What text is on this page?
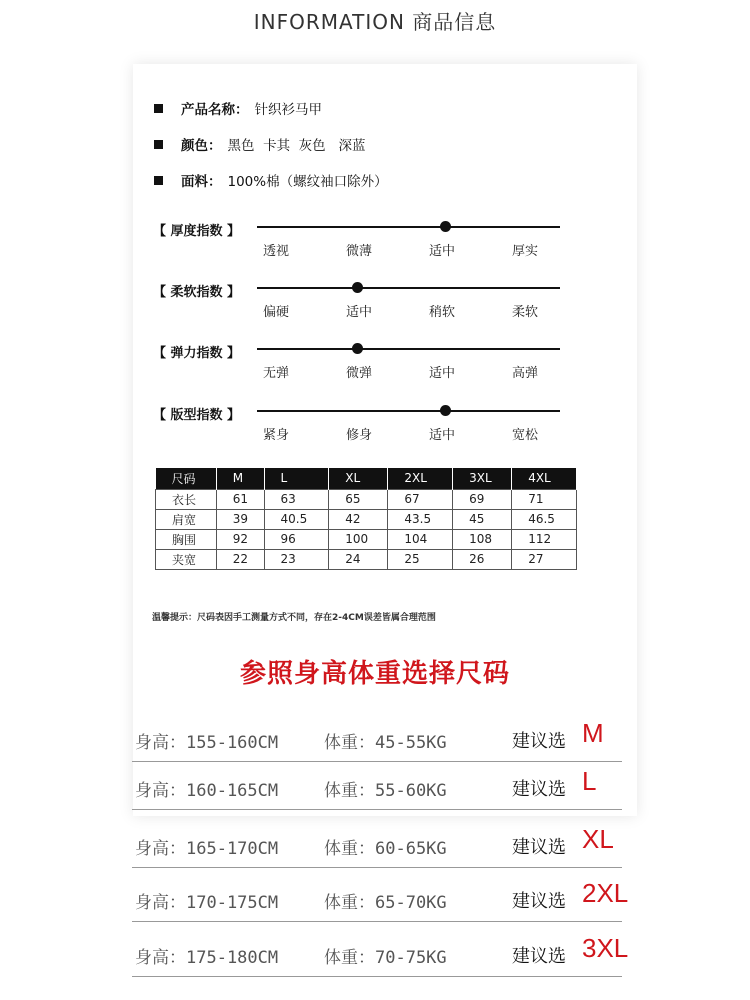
INFORMATION 商品信息
产品名称： 针织衫马甲
颜色： 黑色  卡其  灰色   深蓝
面料： 100%棉（螺纹袖口除外）
【 厚度指数 】
透视	微薄	适中	厚实
【 柔软指数 】
偏硬	适中	稍软	柔软
【 弹力指数 】
无弹	微弹	适中	高弹
【 版型指数 】
紧身	修身	适中	宽松
尺码	M	L	XL	2XL	3XL	4XL
衣长	61	63	65	67	69	71
肩宽	39	40.5	42	43.5	45	46.5
胸围	92	96	100	104	108	112
夹宽	22	23	24	25	26	27
温馨提示：尺码表因手工测量方式不同，存在2-4CM误差皆属合理范围
参照身高体重选择尺码
身高：155-160CM	体重：45-55KG	建议选 M
身高：160-165CM	体重：55-60KG	建议选 L
身高：165-170CM	体重：60-65KG	建议选 XL
身高：170-175CM	体重：65-70KG	建议选 2XL
身高：175-180CM	体重：70-75KG	建议选 3XL
